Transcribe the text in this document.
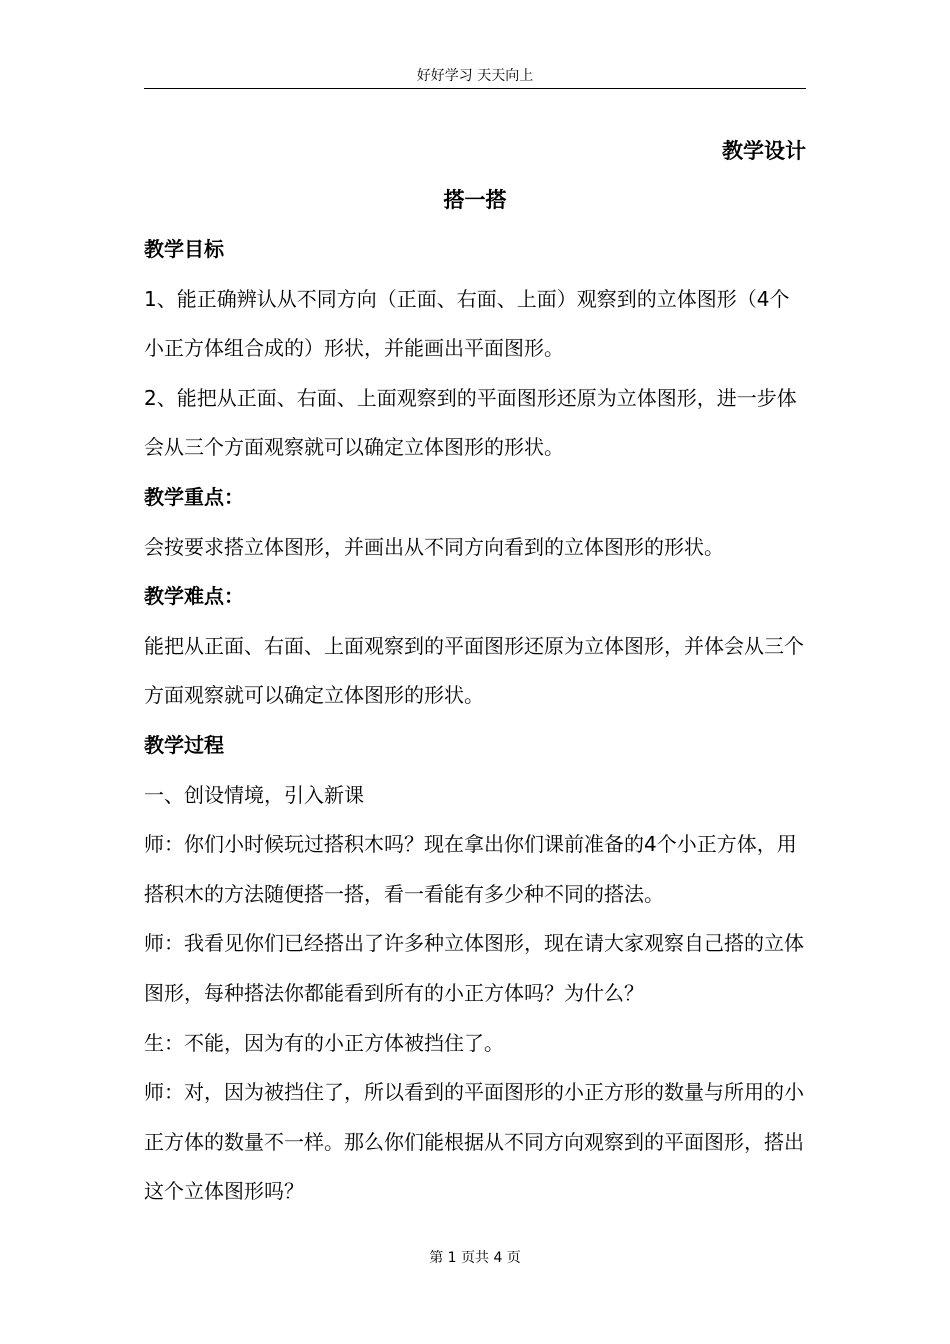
好好学习 天天向上
教学设计
搭一搭

教学目标

1、能正确辨认从不同方向（正面、右面、上面）观察到的立体图形（4个小正方体组合成的）形状，并能画出平面图形。

2、能把从正面、右面、上面观察到的平面图形还原为立体图形，进一步体会从三个方面观察就可以确定立体图形的形状。

教学重点：

会按要求搭立体图形，并画出从不同方向看到的立体图形的形状。

教学难点：

能把从正面、右面、上面观察到的平面图形还原为立体图形，并体会从三个方面观察就可以确定立体图形的形状。

教学过程

一、创设情境，引入新课

师：你们小时候玩过搭积木吗？现在拿出你们课前准备的4个小正方体，用搭积木的方法随便搭一搭，看一看能有多少种不同的搭法。

师：我看见你们已经搭出了许多种立体图形，现在请大家观察自己搭的立体图形，每种搭法你都能看到所有的小正方体吗？为什么？

生：不能，因为有的小正方体被挡住了。

师：对，因为被挡住了，所以看到的平面图形的小正方形的数量与所用的小正方体的数量不一样。那么你们能根据从不同方向观察到的平面图形，搭出这个立体图形吗？

第 1 页共 4 页
